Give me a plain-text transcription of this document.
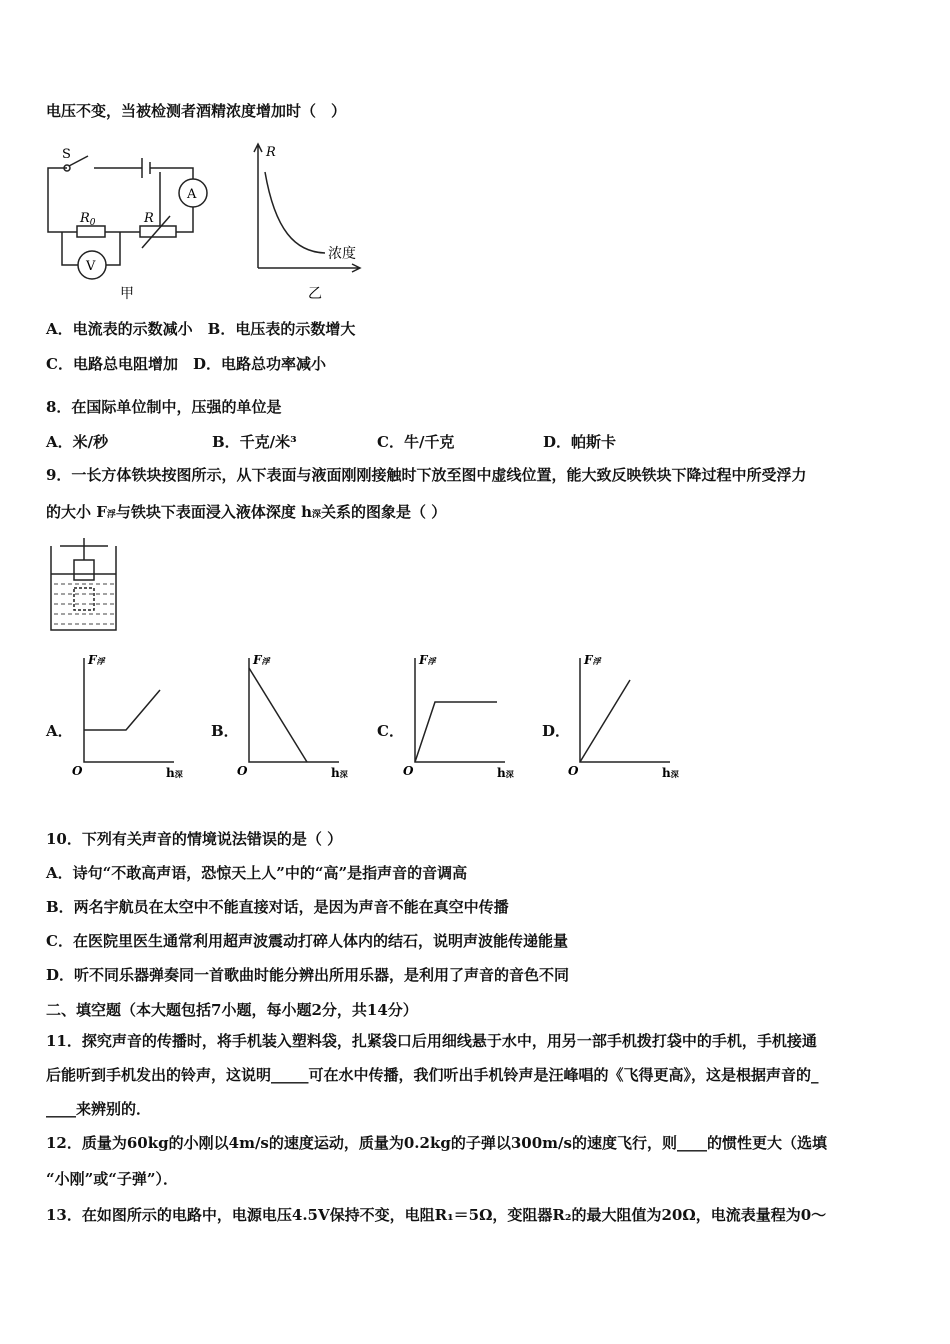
电压不变，当被检测者酒精浓度增加时（　）
S
$R_0$	R
A
V
甲
R
浓度
乙
A．电流表的示数减小　B．电压表的示数增大
C．电路总电阻增加　D．电路总功率减小
8．在国际单位制中，压强的单位是
A．米/秒	B．千克/米³	C．牛/千克	D．帕斯卡
9．一长方体铁块按图所示，从下表面与液面刚刚接触时下放至图中虚线位置，能大致反映铁块下降过程中所受浮力
的大小 F浮与铁块下表面浸入液体深度 h深关系的图象是（ ）
10．下列有关声音的情境说法错误的是（ ）
A．诗句“不敢高声语，恐惊天上人”中的“高”是指声音的音调高
B．两名宇航员在太空中不能直接对话，是因为声音不能在真空中传播
C．在医院里医生通常利用超声波震动打碎人体内的结石，说明声波能传递能量
D．听不同乐器弹奏同一首歌曲时能分辨出所用乐器，是利用了声音的音色不同
二、填空题（本大题包括7小题，每小题2分，共14分）
11．探究声音的传播时，将手机装入塑料袋，扎紧袋口后用细线悬于水中，用另一部手机拨打袋中的手机，手机接通
后能听到手机发出的铃声，这说明_____可在水中传播，我们听出手机铃声是汪峰唱的《飞得更高》，这是根据声音的_
____来辨别的．
12．质量为60kg的小刚以4m/s的速度运动，质量为0.2kg的子弹以300m/s的速度飞行，则____的惯性更大（选填
“小刚”或“子弹”）．
13．在如图所示的电路中，电源电压4.5V保持不变，电阻R₁＝5Ω，变阻器R₂的最大阻值为20Ω，电流表量程为0～
A．
F浮
O	h深
B．
F浮
O	h深
C．
F浮
O	h深
D．
F浮
O	h深
